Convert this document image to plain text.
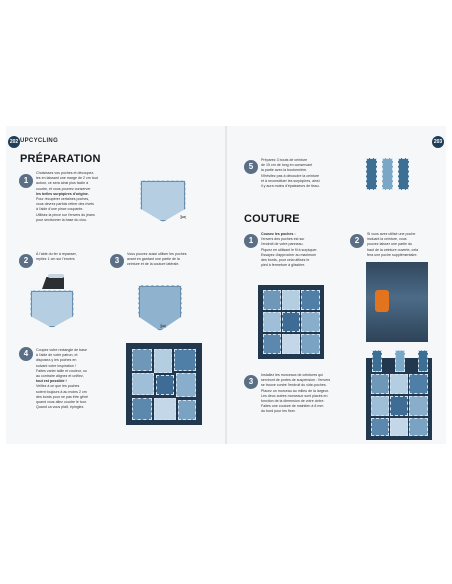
202 UPCYCLING	203
PRÉPARATION
1
Choisissez vos poches et découpez-
les en laissant une marge de 2 cm tout
autour, ce sera ainsi plus facile à
coudre, et vous pourrez conserver
les belles surpiqûres d'origine.
Pour récupérer certaines poches,
vous devrez parfois retirer des rivets
à l'aide d'une pince coupante.
Utilisez la pince sur l'envers du jeans
pour sectionner la base du clou.	✂
2
À l'aide du fer à repasser,
repliez 1 cm sur l'envers	3
Vous pouvez aussi utiliser les poches
avant en gardant une partie de la
ceinture et de la couture latérale.
✂
4	Coupez votre rectangle de base
à l'aide de votre patron, et
disposez-y les poches en
suivant votre inspiration !
Faites varier taille et couleur, ou
au contraire alignez et unifiez,
tout est possible !
Veillez à ce que les poches
soient toujours à au moins 2 cm
des bords pour ne pas être gêné
quand vous allez coudre le tour.
Quand ca vous plaît, épinglez.
5
Préparez 3 bouts de ceinture
de 15 cm de long en conservant
la partie avec la boutonnière.
N'hésitez pas à découdre la ceinture
et à reconstituer les surpiqûres, ainsi
il y aura moins d'épaisseurs de tissu.
COUTURE
1
Cousez les poches :
l'envers des poches est sur
l'endroit de votre panneau.
Piquez en utilisant le fil à surpiquer.
Essayez d'approcher au maximum
des bords, pour cela utilisez le
pied à fermeture à glissière.
2
Si vous avez utilisé une poche
incluant la ceinture, vous
pouvez laisser une partie du
haut de la ceinture ouverte, cela
fera une poche supplémentaire.
3
Installez les morceaux de ceintures qui
serviront de portes de suspension : l'envers
se trouve contre l'endroit du vide-poches.
Placez un morceau au milieu de la largeur.
Les deux autres morceaux sont placés en
fonction de la dimension de votre cintre.
Faites une couture de maintien à 8 mm
du bord pour les fixer.
